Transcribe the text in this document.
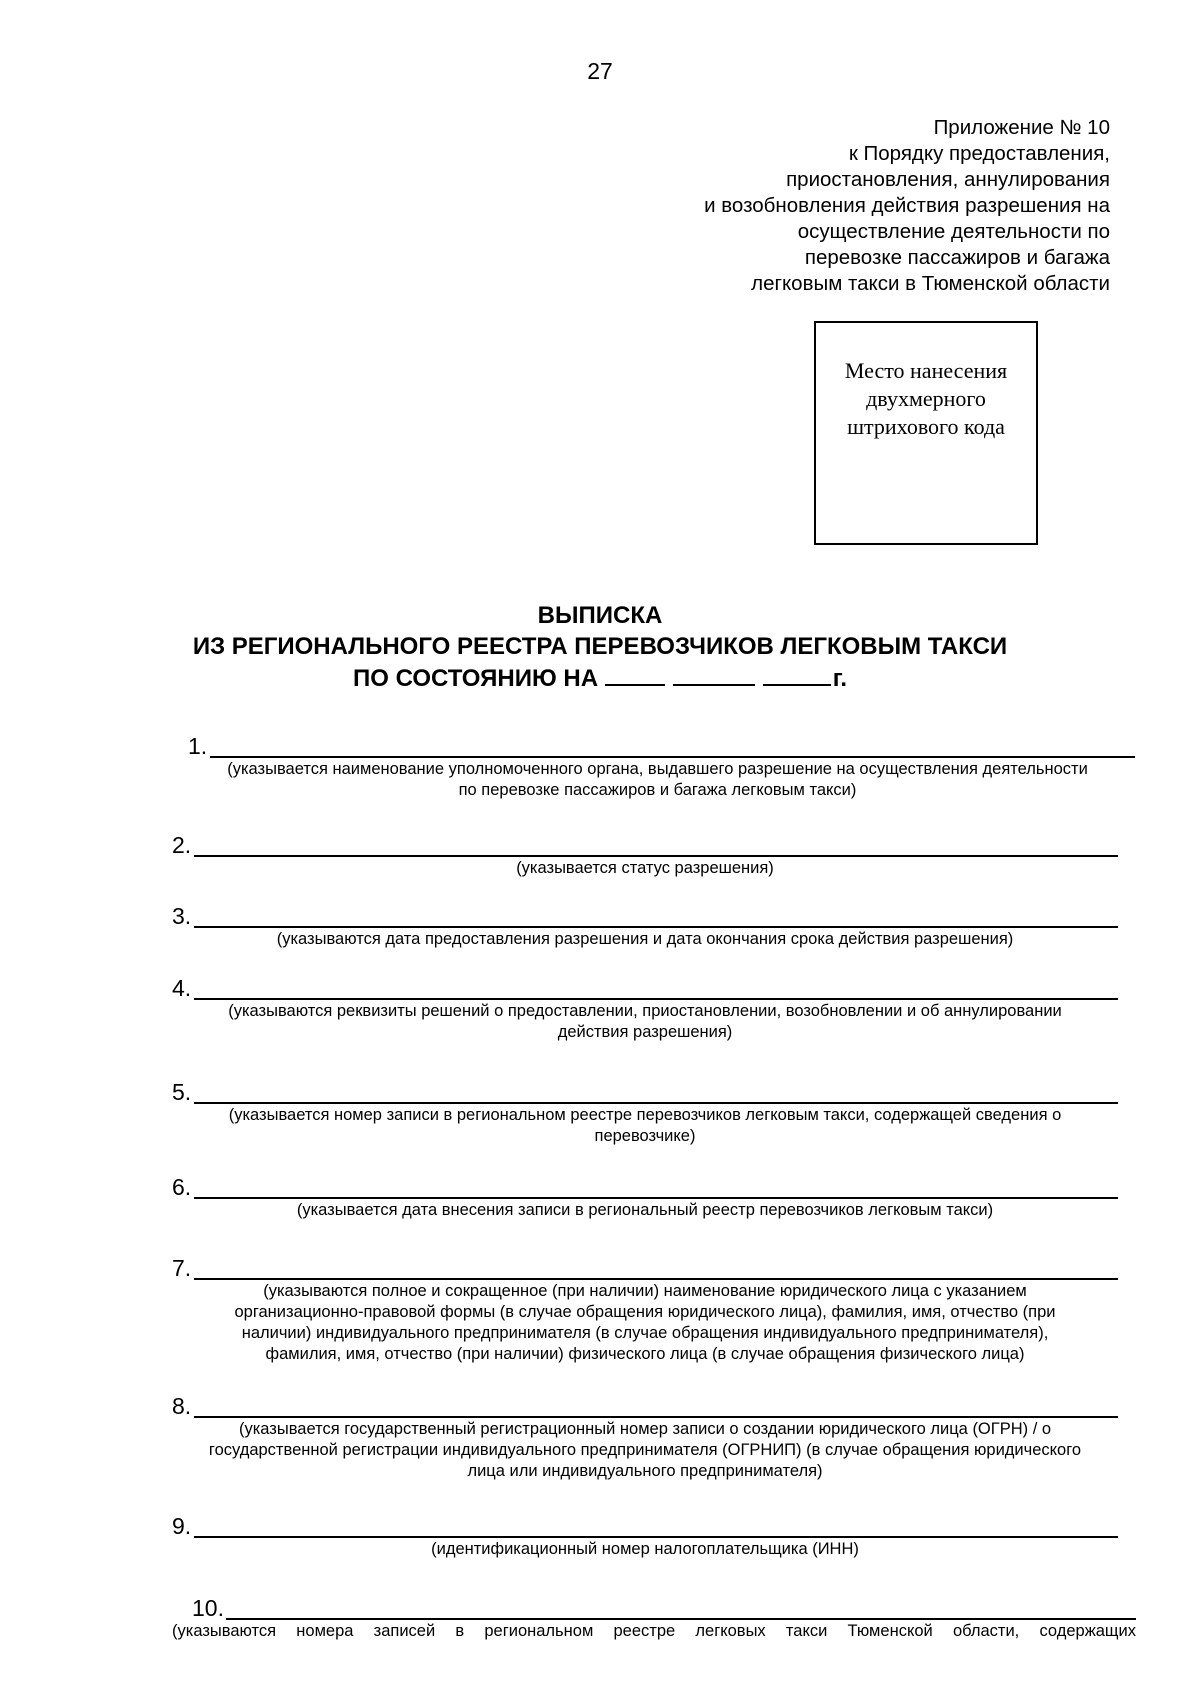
27
Приложение № 10
к Порядку предоставления,
приостановления, аннулирования
и возобновления действия разрешения на
осуществление деятельности по
перевозке пассажиров и багажа
легковым такси в Тюменской области
Место нанесения
двухмерного
штрихового кода
ВЫПИСКА
ИЗ РЕГИОНАЛЬНОГО РЕЕСТРА ПЕРЕВОЗЧИКОВ ЛЕГКОВЫМ ТАКСИ
ПО СОСТОЯНИЮ НА	г.
1.
(указывается наименование уполномоченного органа, выдавшего разрешение на осуществления деятельности
по перевозке пассажиров и багажа легковым такси)
2.
(указывается статус разрешения)
3.
(указываются дата предоставления разрешения и дата окончания срока действия разрешения)
4.
(указываются реквизиты решений о предоставлении, приостановлении, возобновлении и об аннулировании
действия разрешения)
5.
(указывается номер записи в региональном реестре перевозчиков легковым такси, содержащей сведения о
перевозчике)
6.
(указывается дата внесения записи в региональный реестр перевозчиков легковым такси)
7.
(указываются полное и сокращенное (при наличии) наименование юридического лица с указанием
организационно-правовой формы (в случае обращения юридического лица), фамилия, имя, отчество (при
наличии) индивидуального предпринимателя (в случае обращения индивидуального предпринимателя),
фамилия, имя, отчество (при наличии) физического лица (в случае обращения физического лица)
8.
(указывается государственный регистрационный номер записи о создании юридического лица (ОГРН) / о
государственной регистрации индивидуального предпринимателя (ОГРНИП) (в случае обращения юридического
лица или индивидуального предпринимателя)
9.
(идентификационный номер налогоплательщика (ИНН)
10.
(указываются номера записей в региональном реестре легковых такси Тюменской области, содержащих
